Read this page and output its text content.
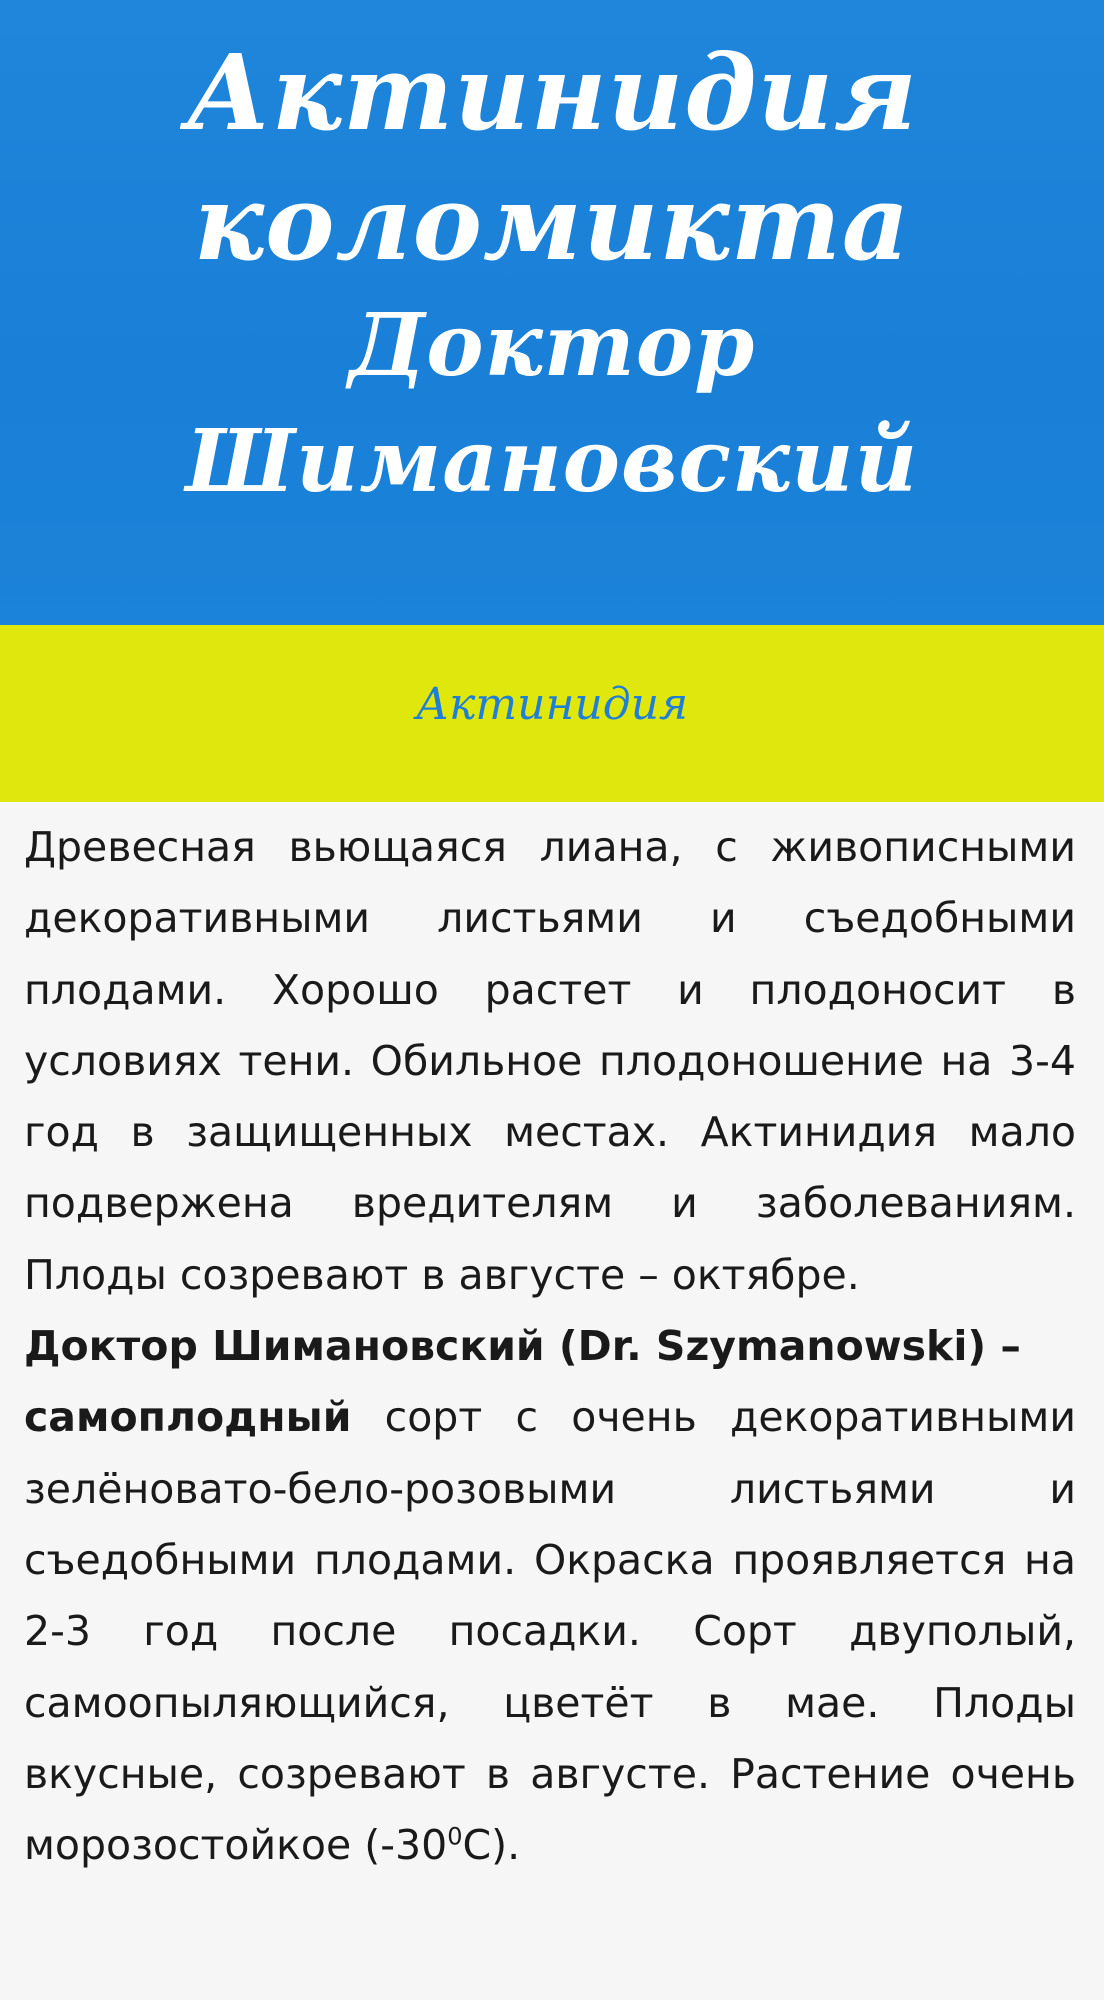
Актинидия
коломикта
Доктор
Шимановский
Актинидия

Древесная вьющаяся лиана, с живописными декоративными листьями и съедобными плодами. Хорошо растет и плодоносит в условиях тени. Обильное плодоношение на 3-4 год в защищенных местах. Актинидия мало подвержена вредителям и заболеваниям. Плоды созревают в августе – октябре.

Доктор Шимановский (Dr. Szymanowski) –
самоплодный сорт с очень декоративными зелёновато-бело-розовыми листьями и съедобными плодами. Окраска проявляется на 2-3 год после посадки. Сорт двуполый, самоопыляющийся, цветёт в мае. Плоды вкусные, созревают в августе. Растение очень морозостойкое $(-30^0С)$.
